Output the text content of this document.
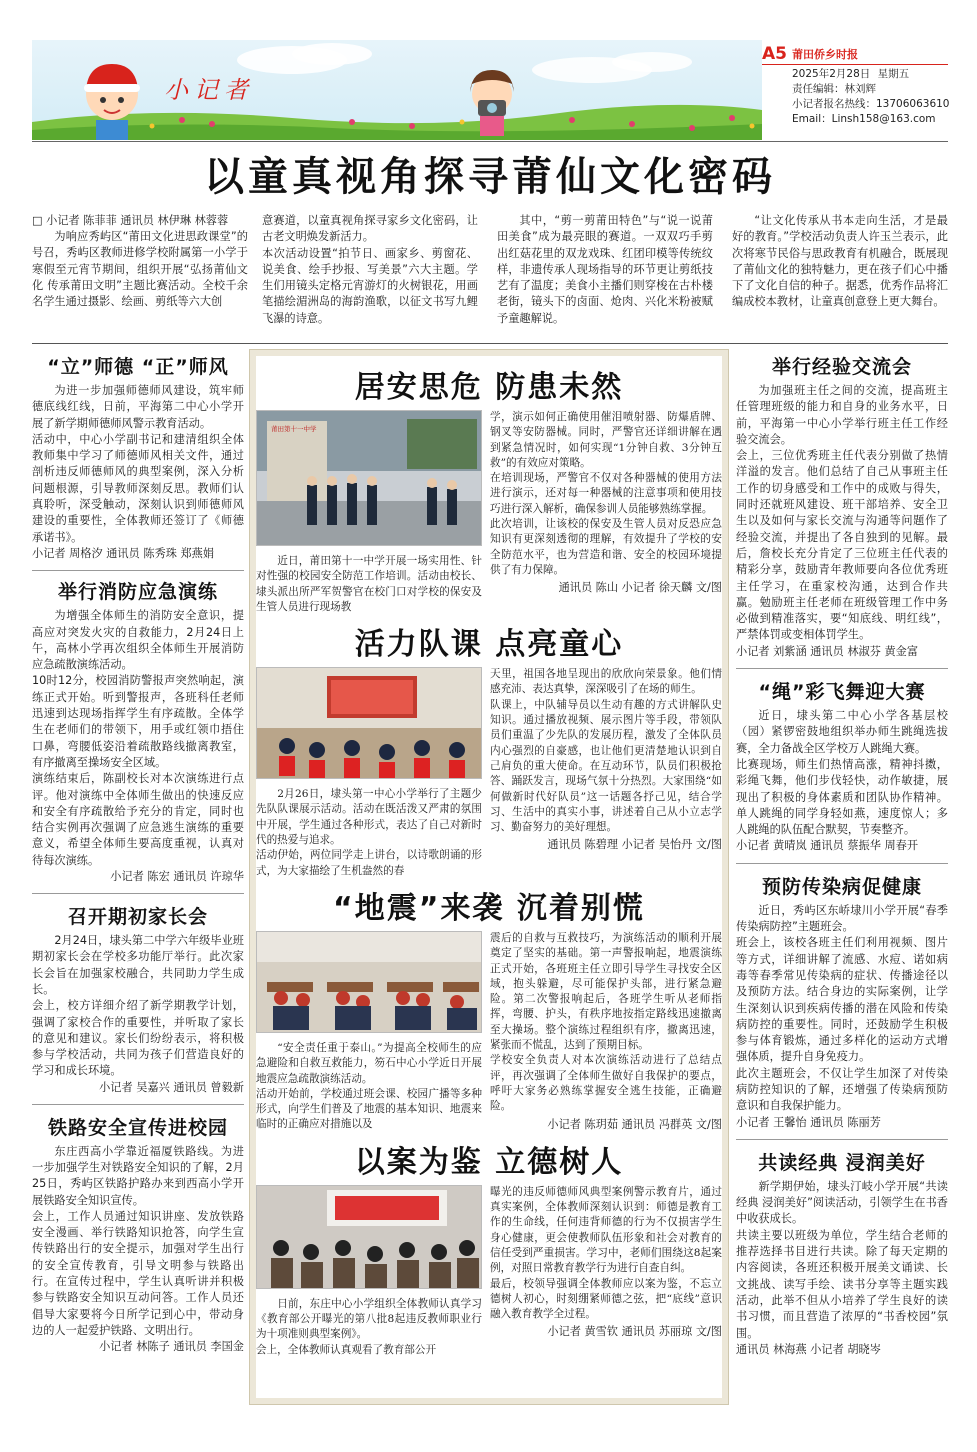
小记者
A5 莆田侨乡时报
2025年2月28日 星期五
责任编辑：林刘辉
小记者报名热线：13706063610
Email：Linsh158@163.com
以童真视角探寻莆仙文化密码
□ 小记者 陈菲菲 通讯员 林伊琳 林蓉蓉
为响应秀屿区“莆田文化进思政课堂”的号召，秀屿区教师进修学校附属第一小学于寒假至元宵节期间，组织开展“弘扬莆仙文化 传承莆田文明”主题比赛活动。全校千余名学生通过摄影、绘画、剪纸等六大创
意赛道，以童真视角探寻家乡文化密码，让古老文明焕发新活力。
本次活动设置“拍节日、画家乡、剪窗花、说美食、绘手抄报、写美景”六大主题。学生们用镜头定格元宵游灯的火树银花，用画笔描绘湄洲岛的海韵渔歌，以征文书写九鲤飞瀑的诗意。
其中，“剪一剪莆田特色”与“说一说莆田美食”成为最亮眼的赛道。一双双巧手剪出红菇花里的双龙戏珠、红团印模等传统纹样，非遗传承人现场指导的环节更让剪纸技艺有了温度；美食小主播们则穿梭在古朴楼老街，镜头下的卤面、炝肉、兴化米粉被赋予童趣解说。
“让文化传承从书本走向生活，才是最好的教育。”学校活动负责人许玉兰表示，此次将寒节民俗与思政教育有机融合，既展现了莆仙文化的独特魅力，更在孩子们心中播下了文化自信的种子。据悉，优秀作品将汇编成校本教材，让童真创意登上更大舞台。
“立”师德 “正”师风
为进一步加强师德师风建设，筑牢师德底线红线，日前，平海第二中心小学开展了新学期师德师风警示教育活动。
活动中，中心小学副书记和建清组织全体教师集中学习了师德师风相关文件，通过剖析违反师德师风的典型案例，深入分析问题根源，引导教师深刻反思。教师们认真聆听，深受触动，深刻认识到师德师风建设的重要性，全体教师还签订了《师德承诺书》。
小记者 周格汐 通讯员 陈秀珠 郑燕娟
举行消防应急演练
为增强全体师生的消防安全意识，提高应对突发火灾的自救能力，2月24日上午，高林小学再次组织全体师生开展消防应急疏散演练活动。
10时12分，校园消防警报声突然响起，演练正式开始。听到警报声，各班科任老师迅速到达现场指挥学生有序疏散。全体学生在老师们的带领下，用手或红领巾捂住口鼻，弯腰低姿沿着疏散路线撤离教室，有序撤离至操场安全区域。
演练结束后，陈副校长对本次演练进行点评。他对演练中全体师生做出的快速反应和安全有序疏散给予充分的肯定，同时也结合实例再次强调了应急逃生演练的重要意义，希望全体师生要高度重视，认真对待每次演练。
小记者 陈宏 通讯员 许琼华
召开期初家长会
2月24日，埭头第二中学六年级毕业班期初家长会在学校多功能厅举行。此次家长会旨在加强家校融合，共同助力学生成长。
会上，校方详细介绍了新学期教学计划，强调了家校合作的重要性，并听取了家长的意见和建议。家长们纷纷表示，将积极参与学校活动，共同为孩子们营造良好的学习和成长环境。
小记者 吴嘉兴 通讯员 曾毅新
铁路安全宣传进校园
东庄西高小学靠近福厦铁路线。为进一步加强学生对铁路安全知识的了解，2月25日，秀屿区铁路护路办来到西高小学开展铁路安全知识宣传。
会上，工作人员通过知识讲座、发放铁路安全漫画、举行铁路知识抢答，向学生宣传铁路出行的安全提示，加强对学生出行的安全宣传教育，引导文明参与铁路出行。在宣传过程中，学生认真听讲并积极参与铁路安全知识互动问答。工作人员还倡导大家要将今日所学记到心中，带动身边的人一起爱护铁路、文明出行。
小记者 林陈子 通讯员 李国金
居安思危 防患未然
莆田第十一中学
近日，莆田第十一中学开展一场实用性、针对性强的校园安全防范工作培训。活动由校长、埭头派出所严军贺警官在校门口对学校的保安及生管人员进行现场教
学，演示如何正确使用催泪喷射器、防爆盾牌、钢叉等安防器械。同时，严警官还详细讲解在遇到紧急情况时，如何实现“1分钟自救、3分钟互救”的有效应对策略。
在培训现场，严警官不仅对各种器械的使用方法进行演示，还对每一种器械的注意事项和使用技巧进行深入解析，确保参训人员能够熟练掌握。
此次培训，让该校的保安及生管人员对反恐应急知识有更深刻透彻的理解，有效提升了学校的安全防范水平，也为营造和谐、安全的校园环境提供了有力保障。
通讯员 陈山 小记者 徐天麟 文/图
活力队课 点亮童心
2月26日，埭头第一中心小学举行了主题少先队队课展示活动。活动在既活泼又严肃的氛围中开展，学生通过各种形式，表达了自己对新时代的热爱与追求。
活动伊始，两位同学走上讲台，以诗歌朗诵的形式，为大家描绘了生机盎然的春
天里，祖国各地呈现出的欣欣向荣景象。他们情感充沛、表达真挚，深深吸引了在场的师生。
队课上，中队辅导员以生动有趣的方式讲解队史知识。通过播放视频、展示图片等手段，带领队员们重温了少先队的发展历程，激发了全体队员内心强烈的自豪感，也让他们更清楚地认识到自己肩负的重大使命。在互动环节，队员们积极抢答、踊跃发言，现场气氛十分热烈。大家围绕“如何做新时代好队员”这一话题各抒己见，结合学习、生活中的真实小事，讲述着自己从小立志学习、勤奋努力的美好理想。
通讯员 陈碧理 小记者 吴怡丹 文/图
“地震”来袭 沉着别慌
“安全责任重于泰山。”为提高全校师生的应急避险和自救互救能力，笏石中心小学近日开展地震应急疏散演练活动。
活动开始前，学校通过班会课、校园广播等多种形式，向学生们普及了地震的基本知识、地震来临时的正确应对措施以及
震后的自救与互救技巧，为演练活动的顺利开展奠定了坚实的基础。第一声警报响起，地震演练正式开始，各班班主任立即引导学生寻找安全区域，抱头躲避，尽可能保护头部，进行紧急避险。第二次警报响起后，各班学生听从老师指挥，弯腰、护头，有秩序地按指定路线迅速撤离至大操场。整个演练过程组织有序，撤离迅速，紧张而不慌乱，达到了预期目标。
学校安全负责人对本次演练活动进行了总结点评，再次强调了全体师生做好自我保护的要点，呼吁大家务必熟练掌握安全逃生技能，正确避险。
小记者 陈玥茹 通讯员 冯群英 文/图
以案为鉴 立德树人
日前，东庄中心小学组织全体教师认真学习《教育部公开曝光的第八批8起违反教师职业行为十项准则典型案例》。
会上，全体教师认真观看了教育部公开
曝光的违反师德师风典型案例警示教育片，通过真实案例，全体教师深刻认识到：师德是教育工作的生命线，任何违背师德的行为不仅损害学生身心健康，更会使教师队伍形象和社会对教育的信任受到严重损害。学习中，老师们围绕这8起案例，对照日常教育教学行为进行自查自纠。
最后，校领导强调全体教师应以案为鉴，不忘立德树人初心，时刻绷紧师德之弦，把“底线”意识融入教育教学全过程。
小记者 黄雪钦 通讯员 苏丽琼 文/图
举行经验交流会
为加强班主任之间的交流，提高班主任管理班级的能力和自身的业务水平，日前，平海第一中心小学举行班主任工作经验交流会。
会上，三位优秀班主任代表分别做了热情洋溢的发言。他们总结了自己从事班主任工作的切身感受和工作中的成败与得失，同时还就班风建设、班干部培养、安全卫生以及如何与家长交流与沟通等问题作了经验交流，并提出了各自独到的见解。最后，詹校长充分肯定了三位班主任代表的精彩分享，鼓励青年教师要向各位优秀班主任学习，在重家校沟通，达到合作共赢。勉励班主任老师在班级管理工作中务必做到精准落实，要“知底线、明红线”，严禁体罚或变相体罚学生。
小记者 刘紫涵 通讯员 林淑芬 黄金富
“绳”彩飞舞迎大赛
近日，埭头第二中心小学各基层校（园）紧锣密鼓地组织举办师生跳绳选拔赛，全力备战全区学校万人跳绳大赛。
比赛现场，师生们热情高涨，精神抖擞，彩绳飞舞，他们步伐轻快，动作敏捷，展现出了积极的身体素质和团队协作精神。单人跳绳的同学身轻如燕，速度惊人；多人跳绳的队伍配合默契，节奏整齐。
小记者 黄晴岚 通讯员 蔡振华 周春开
预防传染病促健康
近日，秀屿区东峤埭川小学开展“春季传染病防控”主题班会。
班会上，该校各班主任们利用视频、图片等方式，详细讲解了流感、水痘、诺如病毒等春季常见传染病的症状、传播途径以及预防方法。结合身边的实际案例，让学生深刻认识到疾病传播的潜在风险和传染病防控的重要性。同时，还鼓励学生积极参与体育锻炼，通过多样化的运动方式增强体质，提升自身免疫力。
此次主题班会，不仅让学生加深了对传染病防控知识的了解，还增强了传染病预防意识和自我保护能力。
小记者 王馨怡 通讯员 陈丽芳
共读经典 浸润美好
新学期伊始，埭头汀岐小学开展“共读经典 浸润美好”阅读活动，引领学生在书香中收获成长。
共读主要以班级为单位，学生结合老师的推荐选择书目进行共读。除了每天定期的内容阅读，各班还积极开展美文诵读、长文挑战、读写手绘、读书分享等主题实践活动，此举不但从小培养了学生良好的读书习惯，而且营造了浓厚的“书香校园”氛围。
通讯员 林海燕 小记者 胡晓岑
